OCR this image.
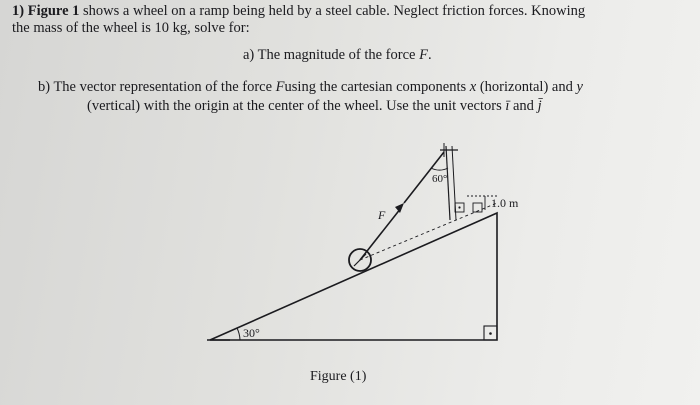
1) Figure 1 shows a wheel on a ramp being held by a steel cable. Neglect friction forces. Knowing
the mass of the wheel is 10 kg, solve for:
a) The magnitude of the force F.
b) The vector representation of the force Fusing the cartesian components x (horizontal) and y
(vertical) with the origin at the center of the wheel. Use the unit vectors ī and j̄
30°
F
60°
1.0 m
Figure (1)
